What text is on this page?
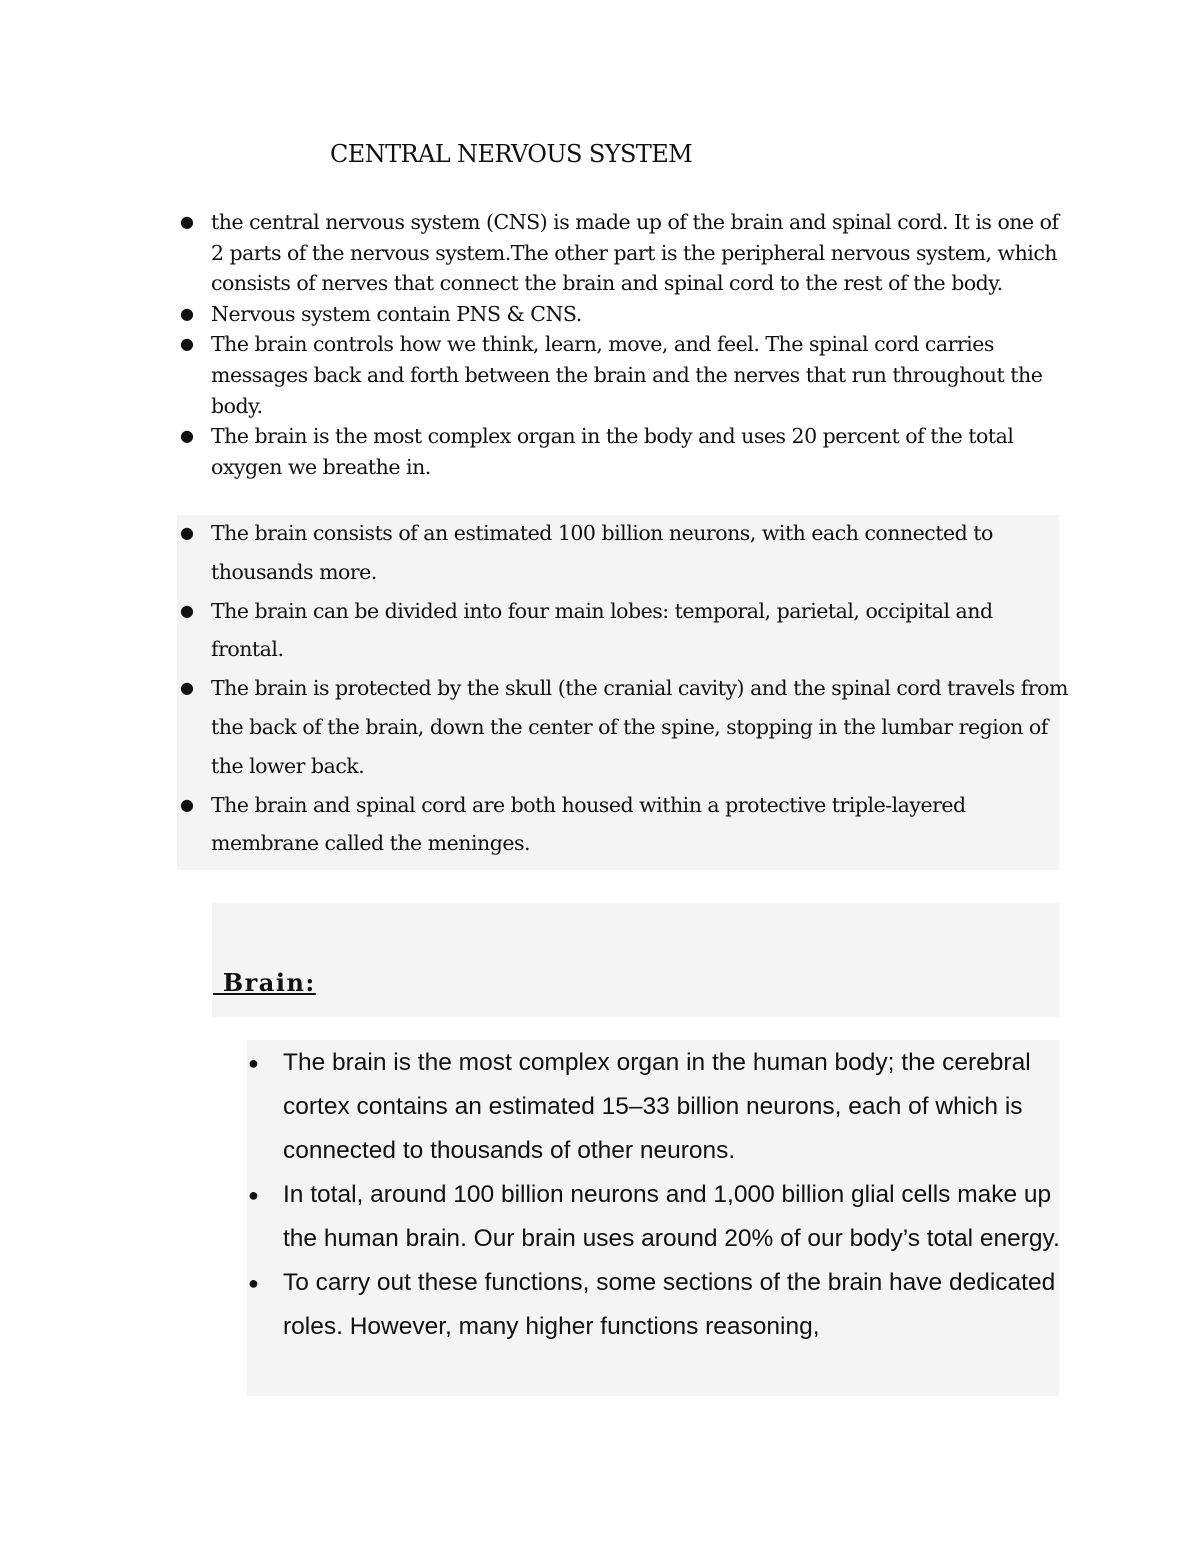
CENTRAL NERVOUS SYSTEM
● the central nervous system (CNS) is made up of the brain and spinal cord. It is one of 2 parts of the nervous system.The other part is the peripheral nervous system, which consists of nerves that connect the brain and spinal cord to the rest of the body.
● Nervous system contain PNS & CNS.
● The brain controls how we think, learn, move, and feel. The spinal cord carries messages back and forth between the brain and the nerves that run throughout the body.
● The brain is the most complex organ in the body and uses 20 percent of the total oxygen we breathe in.
● The brain consists of an estimated 100 billion neurons, with each connected to thousands more.
● The brain can be divided into four main lobes: temporal, parietal, occipital and frontal.
● The brain is protected by the skull (the cranial cavity) and the spinal cord travels from the back of the brain, down the center of the spine, stopping in the lumbar region of the lower back.
● The brain and spinal cord are both housed within a protective triple-layered membrane called the meninges.
Brain:
● The brain is the most complex organ in the human body; the cerebral cortex contains an estimated 15–33 billion neurons, each of which is connected to thousands of other neurons.
● In total, around 100 billion neurons and 1,000 billion glial cells make up the human brain. Our brain uses around 20% of our body’s total energy.
● To carry out these functions, some sections of the brain have dedicated roles. However, many higher functions reasoning,
